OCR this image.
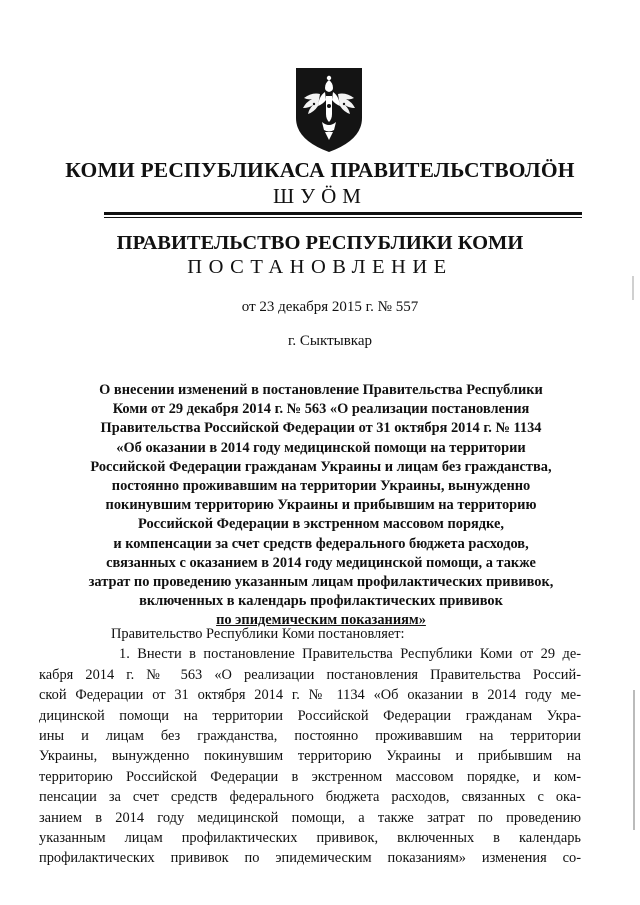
КОМИ РЕСПУБЛИКАСА ПРАВИТЕЛЬСТВОЛÖН
ШУÖМ
ПРАВИТЕЛЬСТВО РЕСПУБЛИКИ КОМИ
ПОСТАНОВЛЕНИЕ
от 23 декабря 2015 г. № 557
г. Сыктывкар
О внесении изменений в постановление Правительства Республики
Коми от 29 декабря 2014 г. № 563 «О реализации постановления
Правительства Российской Федерации от 31 октября 2014 г. № 1134
«Об оказании в 2014 году медицинской помощи на территории
Российской Федерации гражданам Украины и лицам без гражданства,
постоянно проживавшим на территории Украины, вынужденно
покинувшим территорию Украины и прибывшим на территорию
Российской Федерации в экстренном массовом порядке,
и компенсации за счет средств федерального бюджета расходов,
связанных с оказанием в 2014 году медицинской помощи, а также
затрат по проведению указанным лицам профилактических прививок,
включенных в календарь профилактических прививок
по эпидемическим показаниям»
Правительство Республики Коми постановляет:
1. Внести в постановление Правительства Республики Коми от 29 де-
кабря 2014 г. № 563 «О реализации постановления Правительства Россий-
ской Федерации от 31 октября 2014 г. № 1134 «Об оказании в 2014 году ме-
дицинской помощи на территории Российской Федерации гражданам Укра-
ины и лицам без гражданства, постоянно проживавшим на территории
Украины, вынужденно покинувшим территорию Украины и прибывшим на
территорию Российской Федерации в экстренном массовом порядке, и ком-
пенсации за счет средств федерального бюджета расходов, связанных с ока-
занием в 2014 году медицинской помощи, а также затрат по проведению
указанным лицам профилактических прививок, включенных в календарь
профилактических прививок по эпидемическим показаниям» изменения со-
